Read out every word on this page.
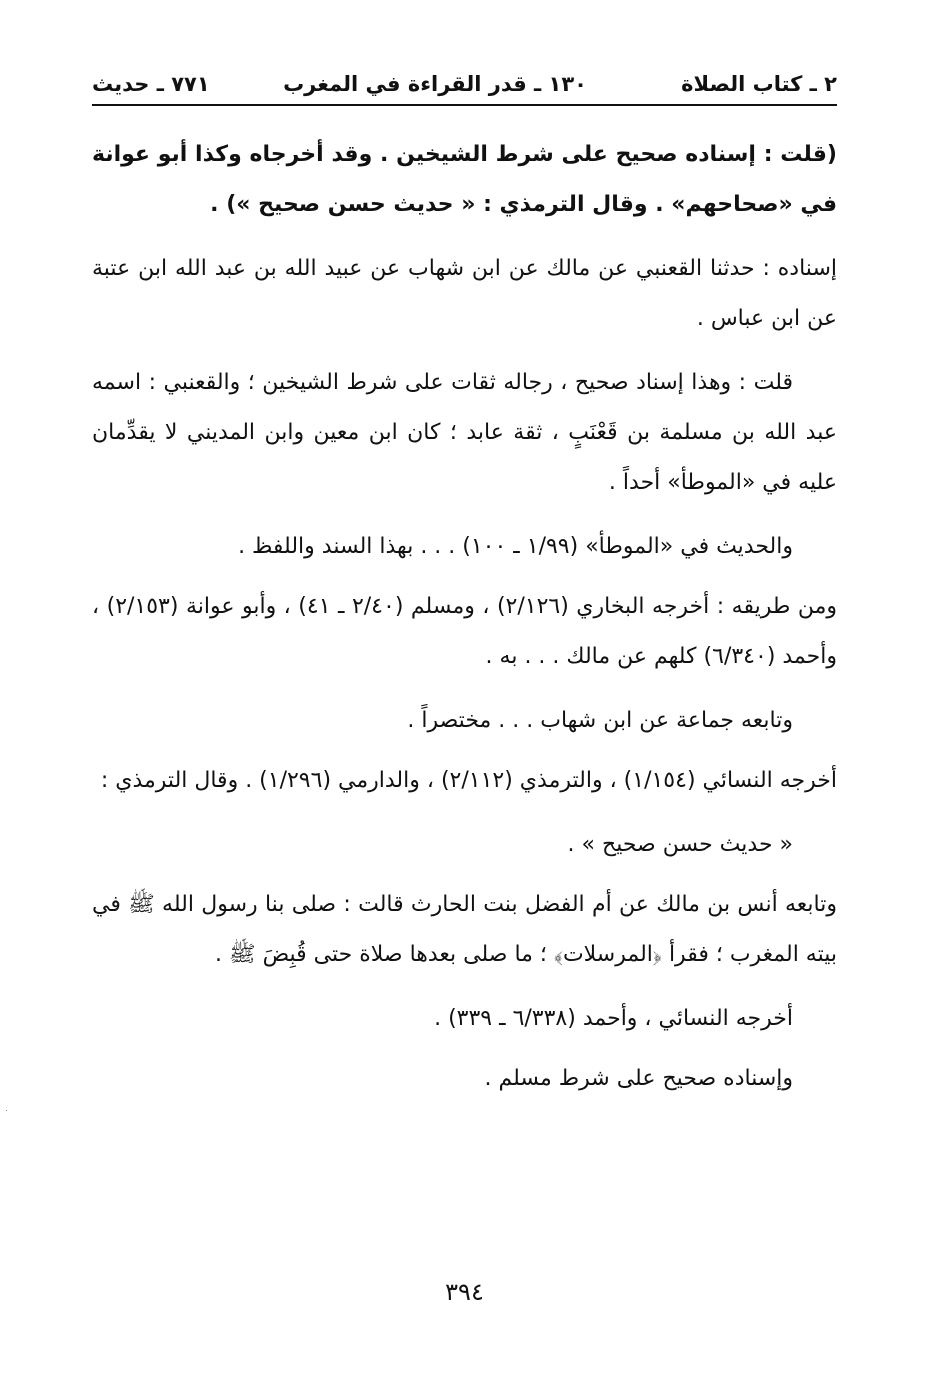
٢ ـ كتاب الصلاة
١٣٠ ـ قدر القراءة في المغرب
٧٧١ ـ حديث

(قلت : إسناده صحيح على شرط الشيخين . وقد أخرجاه وكذا أبو عوانة في «صحاحهم» . وقال الترمذي : « حديث حسن صحيح ») .

إسناده : حدثنا القعنبي عن مالك عن ابن شهاب عن عبيد الله بن عبد الله ابن عتبة عن ابن عباس .

قلت : وهذا إسناد صحيح ، رجاله ثقات على شرط الشيخين ؛ والقعنبي : اسمه عبد الله بن مسلمة بن قَعْنَبٍ ، ثقة عابد ؛ كان ابن معين وابن المديني لا يقدِّمان عليه في «الموطأ» أحداً .

والحديث في «الموطأ» (١/٩٩ ـ ١٠٠) . . . بهذا السند واللفظ .

ومن طريقه : أخرجه البخاري (٢/١٢٦) ، ومسلم (٢/٤٠ ـ ٤١) ، وأبو عوانة (٢/١٥٣) ، وأحمد (٦/٣٤٠) كلهم عن مالك . . . به .

وتابعه جماعة عن ابن شهاب . . . مختصراً .

أخرجه النسائي (١/١٥٤) ، والترمذي (٢/١١٢) ، والدارمي (١/٢٩٦) . وقال الترمذي :

« حديث حسن صحيح » .

وتابعه أنس بن مالك عن أم الفضل بنت الحارث قالت : صلى بنا رسول الله ﷺ في بيته المغرب ؛ فقرأ ﴿المرسلات﴾ ؛ ما صلى بعدها صلاة حتى قُبِضَ ﷺ .

أخرجه النسائي ، وأحمد (٦/٣٣٨ ـ ٣٣٩) .

وإسناده صحيح على شرط مسلم .

٣٩٤
